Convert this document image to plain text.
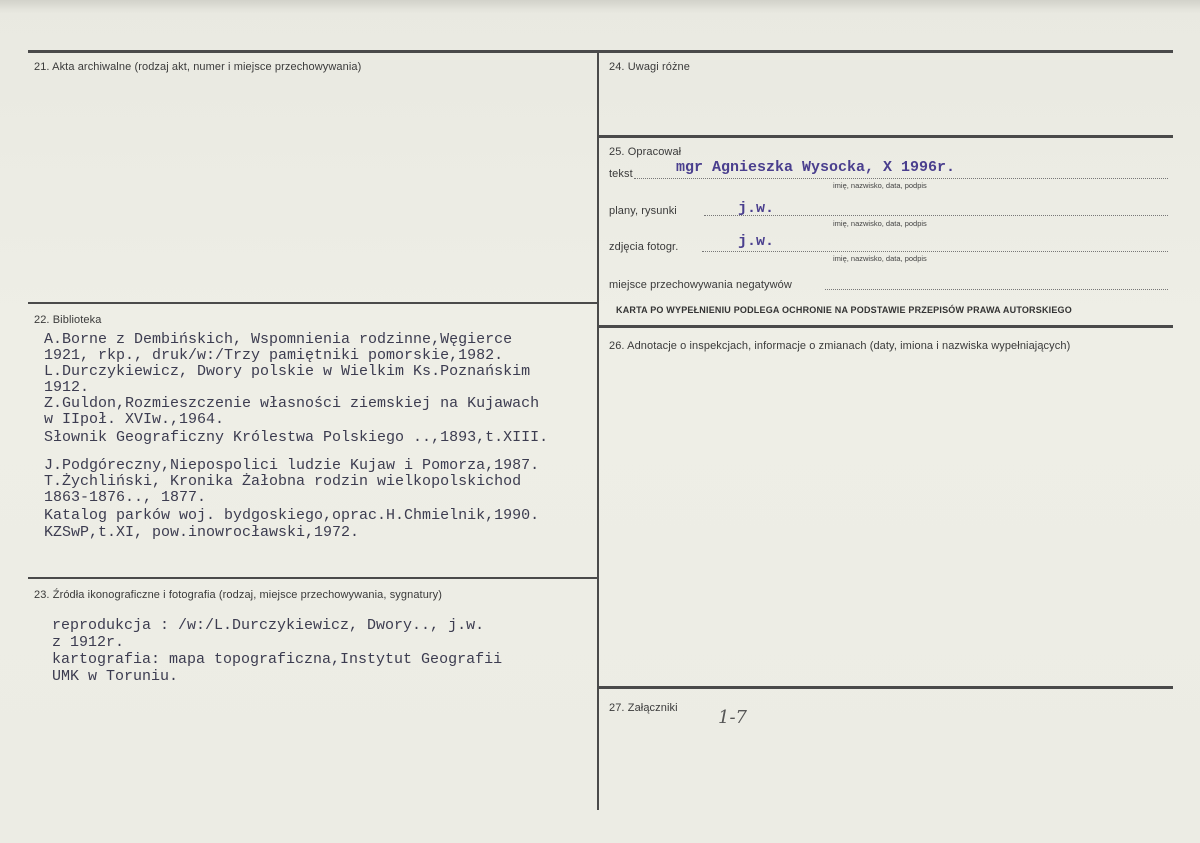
21. Akta archiwalne (rodzaj akt, numer i miejsce przechowywania)
22. Biblioteka
A.Borne z Dembińskich, Wspomnienia rodzinne,Węgierce
1921, rkp., druk/w:/Trzy pamiętniki pomorskie,1982.
L.Durczykiewicz, Dwory polskie w Wielkim Ks.Poznańskim
1912.
Z.Guldon,Rozmieszczenie własności ziemskiej na Kujawach
w IIpoł. XVIw.,1964.
Słownik Geograficzny Królestwa Polskiego ..,1893,t.XIII.
J.Podgóreczny,Niepospolici ludzie Kujaw i Pomorza,1987.
T.Żychliński, Kronika Żałobna rodzin wielkopolskichod
1863-1876.., 1877.
Katalog parków woj. bydgoskiego,oprac.H.Chmielnik,1990.
KZSwP,t.XI, pow.inowrocławski,1972.
23. Źródła ikonograficzne i fotografia (rodzaj, miejsce przechowywania, sygnatury)
reprodukcja : /w:/L.Durczykiewicz, Dwory.., j.w.
z 1912r.
kartografia: mapa topograficzna,Instytut Geografii
UMK w Toruniu.
24. Uwagi różne
25. Opracował
tekst	mgr Agnieszka Wysocka, X 1996r.
imię, nazwisko, data, podpis
plany, rysunki	j.w.
imię, nazwisko, data, podpis
zdjęcia fotogr.	j.w.
imię, nazwisko, data, podpis
miejsce przechowywania negatywów
KARTA PO WYPEŁNIENIU PODLEGA OCHRONIE NA PODSTAWIE PRZEPISÓW PRAWA AUTORSKIEGO
26. Adnotacje o inspekcjach, informacje o zmianach (daty, imiona i nazwiska wypełniających)
27. Załączniki 1-7
